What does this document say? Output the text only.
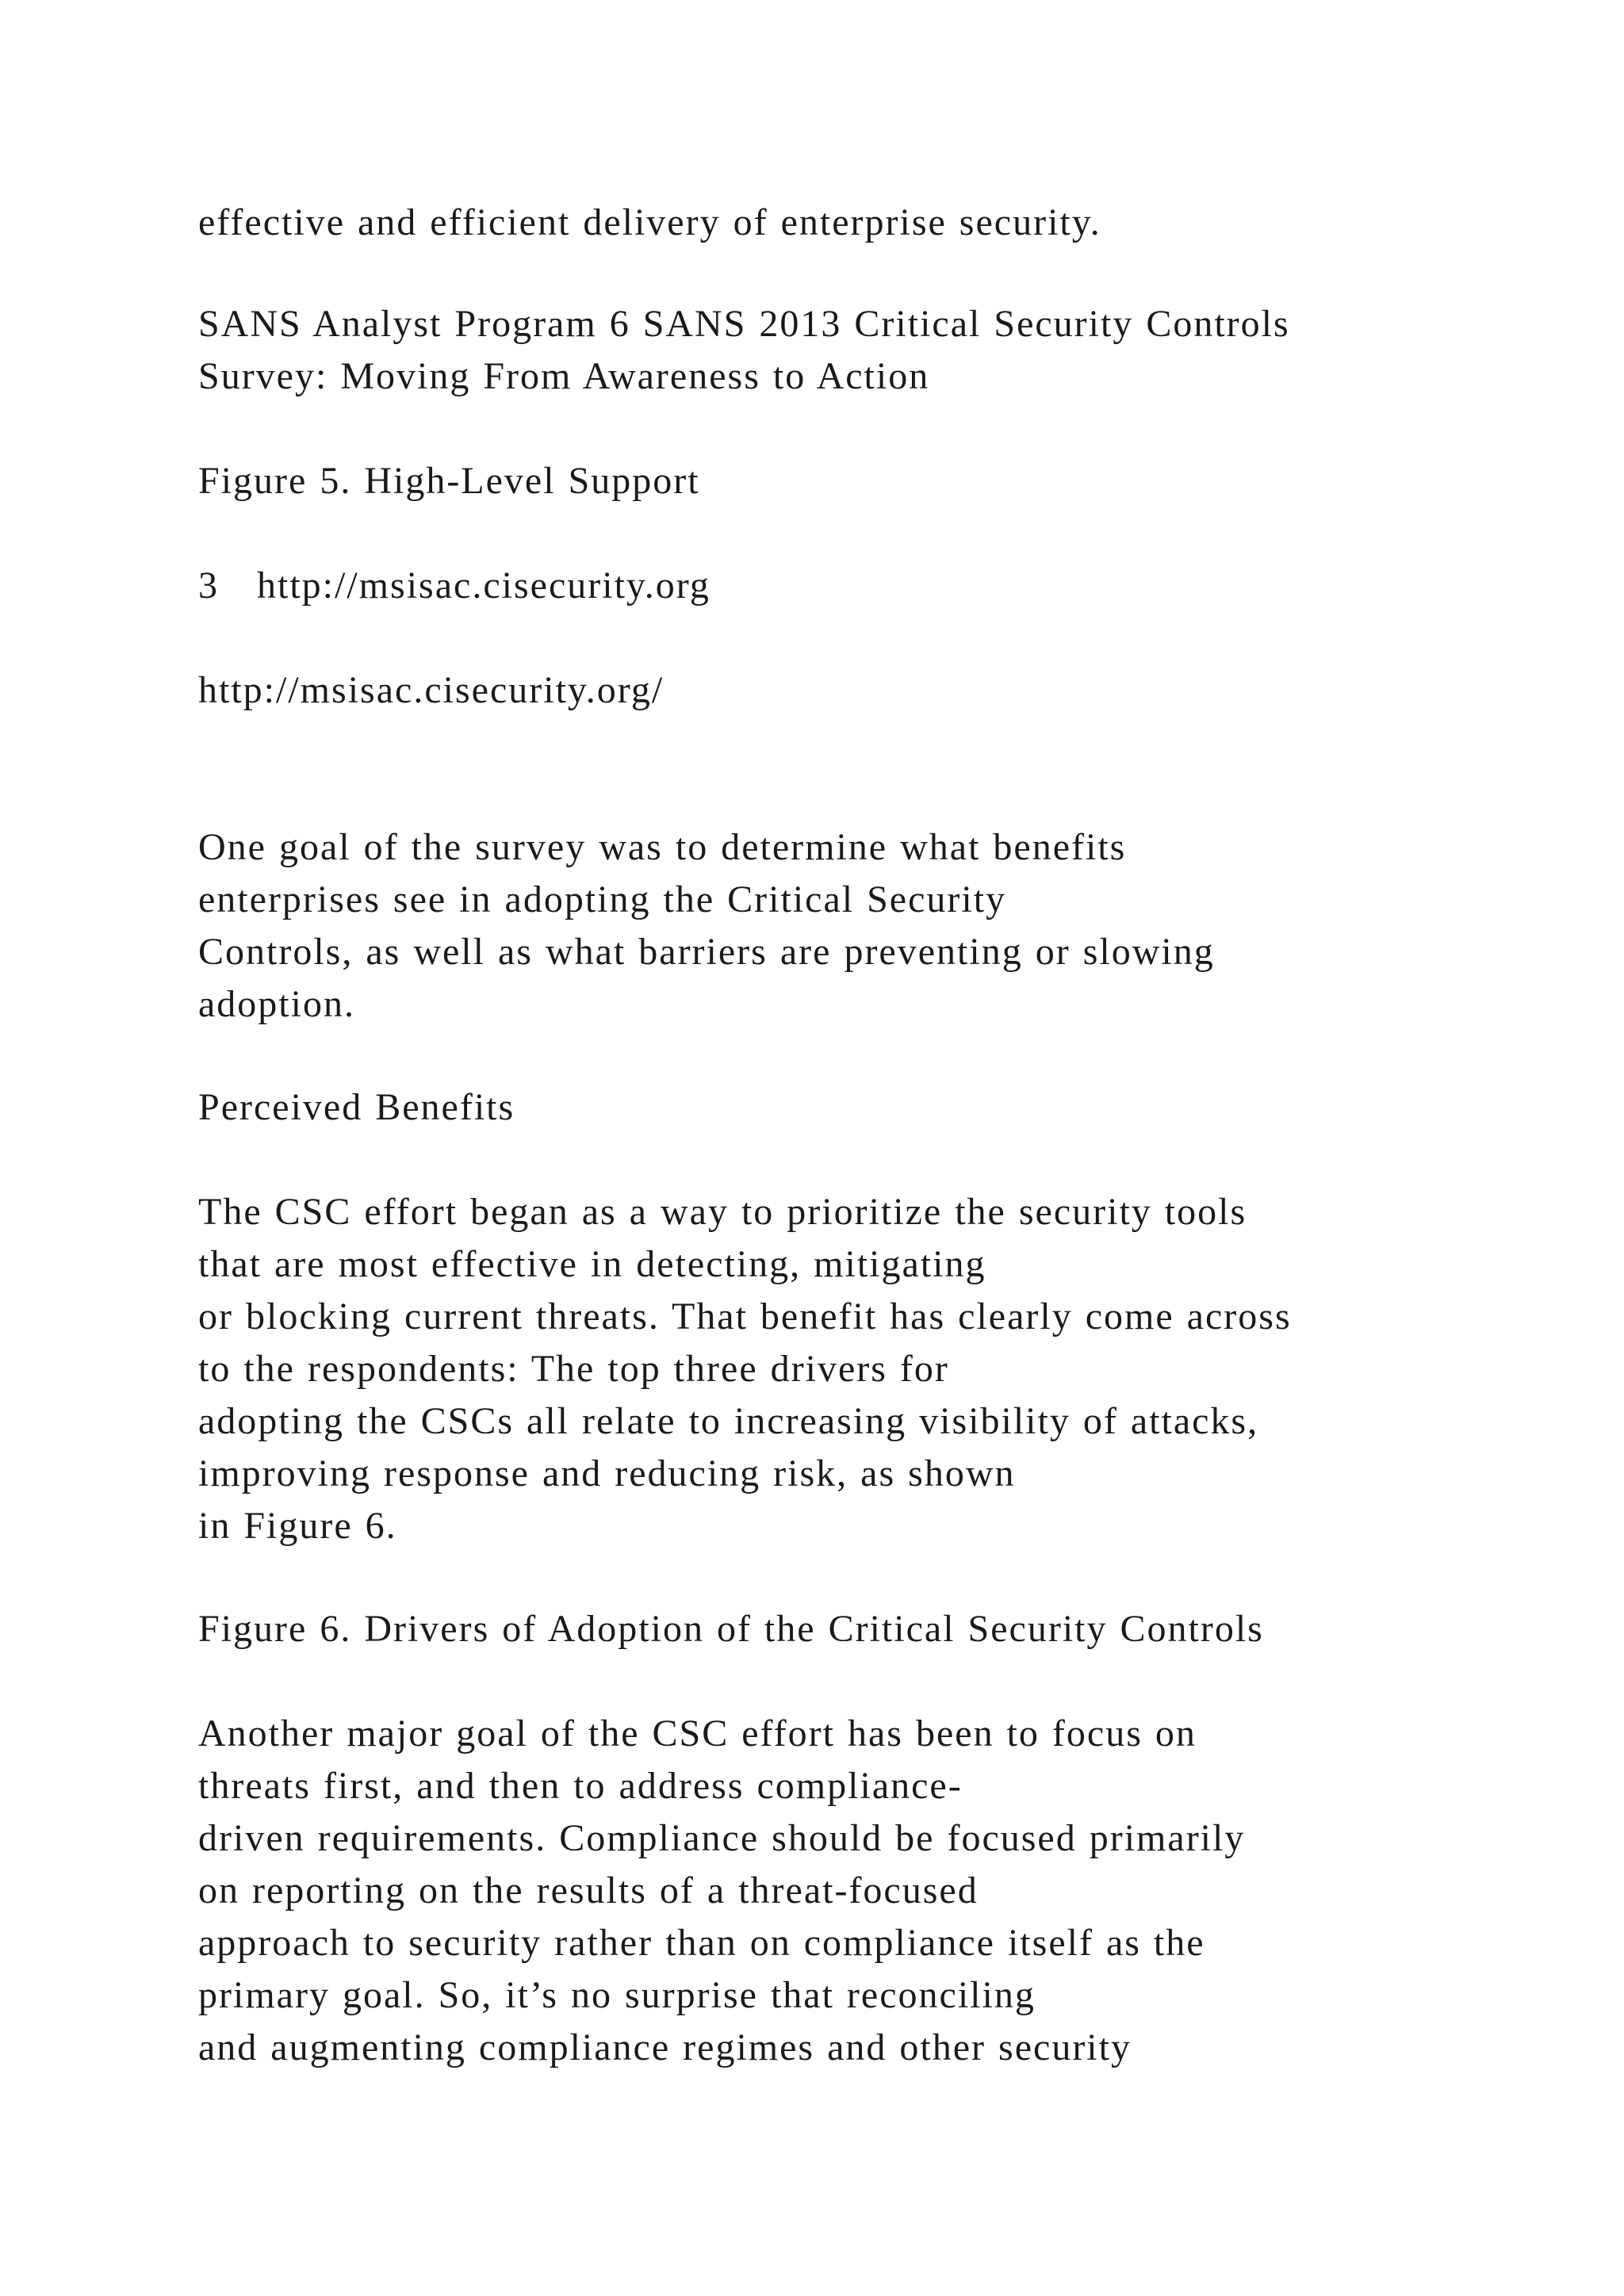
effective and efficient delivery of enterprise security.
SANS Analyst Program 6 SANS 2013 Critical Security Controls
Survey: Moving From Awareness to Action
Figure 5. High-Level Support
3   http://msisac.cisecurity.org
http://msisac.cisecurity.org/
One goal of the survey was to determine what benefits
enterprises see in adopting the Critical Security
Controls, as well as what barriers are preventing or slowing
adoption.
Perceived Benefits
The CSC effort began as a way to prioritize the security tools
that are most effective in detecting, mitigating
or blocking current threats. That benefit has clearly come across
to the respondents: The top three drivers for
adopting the CSCs all relate to increasing visibility of attacks,
improving response and reducing risk, as shown
in Figure 6.
Figure 6. Drivers of Adoption of the Critical Security Controls
Another major goal of the CSC effort has been to focus on
threats first, and then to address compliance-
driven requirements. Compliance should be focused primarily
on reporting on the results of a threat-focused
approach to security rather than on compliance itself as the
primary goal. So, it’s no surprise that reconciling
and augmenting compliance regimes and other security
